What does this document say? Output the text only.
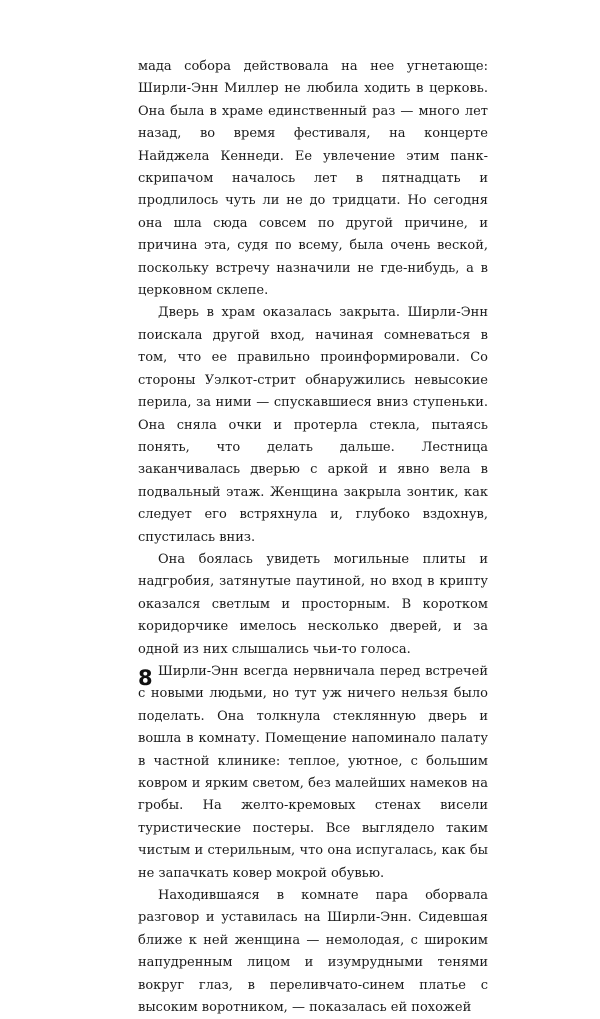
мада собора действовала на нее угнетающе: Ширли-Энн Миллер не любила ходить в церковь. Она была в храме единственный раз — много лет назад, во время фестиваля, на концерте Найджела Кеннеди. Ее увлечение этим панк-скрипачом началось лет в пятнадцать и продлилось чуть ли не до тридцати. Но сегодня она шла сюда совсем по другой причине, и причина эта, судя по всему, была очень веской, поскольку встречу назначили не где-нибудь, а в церковном склепе.

Дверь в храм оказалась закрыта. Ширли-Энн поискала другой вход, начиная сомневаться в том, что ее правильно проинформировали. Со стороны Уэлкот-стрит обнаружились невысокие перила, за ними — спускавшиеся вниз ступеньки. Она сняла очки и протерла стекла, пытаясь понять, что делать дальше. Лестница заканчивалась дверью с аркой и явно вела в подвальный этаж. Женщина закрыла зонтик, как следует его встряхнула и, глубоко вздохнув, спустилась вниз.

Она боялась увидеть могильные плиты и надгробия, затянутые паутиной, но вход в крипту оказался светлым и просторным. В коротком коридорчике имелось несколько дверей, и за одной из них слышались чьи-то голоса.

Ширли-Энн всегда нервничала перед встречей с новыми людьми, но тут уж ничего нельзя было поделать. Она толкнула стеклянную дверь и вошла в комнату. Помещение напоминало палату в частной клинике: теплое, уютное, с большим ковром и ярким светом, без малейших намеков на гробы. На желто-кремовых стенах висели туристические постеры. Все выглядело таким чистым и стерильным, что она испугалась, как бы не запачкать ковер мокрой обувью.

Находившаяся в комнате пара оборвала разговор и уставилась на Ширли-Энн. Сидевшая ближе к ней женщина — немолодая, с широким напудренным лицом и изумрудными тенями вокруг глаз, в переливчато-синем платье с высоким воротником, — показалась ей похожей

8
